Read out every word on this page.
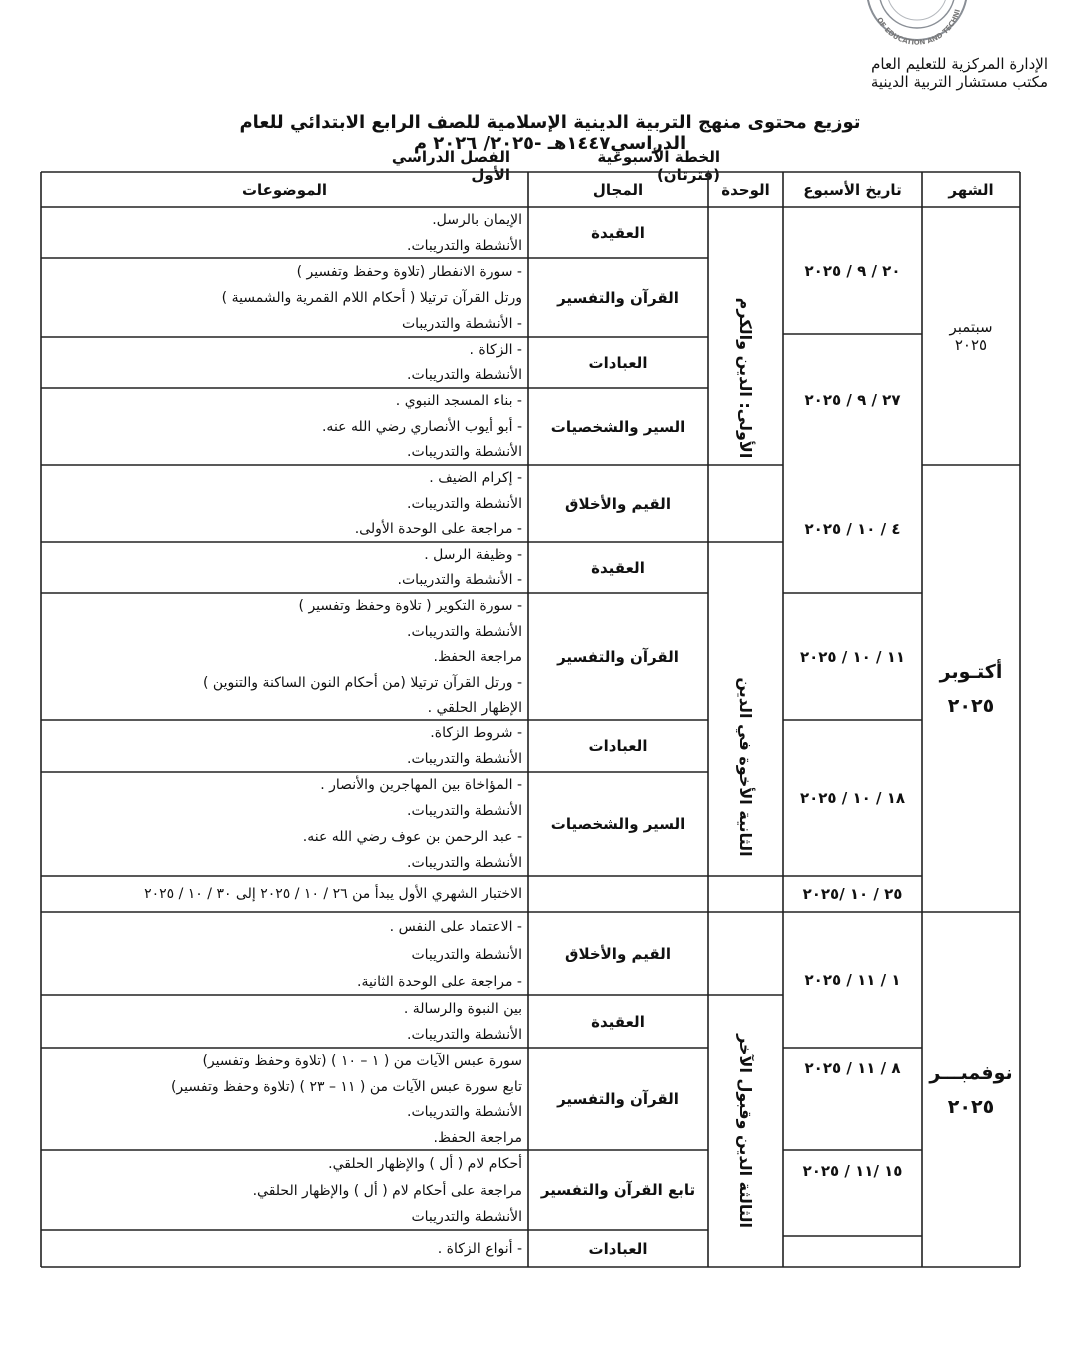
OF EDUCATION AND TECHNI
الإدارة المركزية للتعليم العام
مكتب مستشار التربية الدينية
توزيع محتوى منهج التربية الدينية الإسلامية للصف الرابع الابتدائي للعام الدراسي١٤٤٧هـ -٢٠٢٥/ ٢٠٢٦ م
الخطة الأسبوعية (فترتان)
الفصل الدراسي الأول
الشهر
تاريخ الأسبوع
الوحدة
المجال
الموضوعات
سبتمبر ٢٠٢٥
أكتـوبر ٢٠٢٥
نوفمبـــر ٢٠٢٥
٢٠ / ٩ / ٢٠٢٥
٢٧ / ٩ / ٢٠٢٥
٤ / ١٠ / ٢٠٢٥
١١ / ١٠ / ٢٠٢٥
١٨ / ١٠ / ٢٠٢٥
٢٥ / ١٠ /٢٠٢٥
١ / ١١ / ٢٠٢٥
٨ / ١١ / ٢٠٢٥
١٥ /١١ / ٢٠٢٥
الأولى: الدين والكرم
الثانية الأخوة في الدين
الثالثة الدين وقبول الآخر
العقيدة
القرآن والتفسير
العبادات
السير والشخصيات
القيم والأخلاق
العقيدة
القرآن والتفسير
العبادات
السير والشخصيات
القيم والأخلاق
العقيدة
القرآن والتفسير
تابع القرآن والتفسير
العبادات
الإيمان بالرسل.
الأنشطة والتدريبات.
- سورة الانفطار (تلاوة وحفظ وتفسير )
ورتل القرآن ترتيلا ( أحكام اللام القمرية والشمسية )
- الأنشطة والتدريبات
- الزكاة .
الأنشطة والتدريبات.
- بناء المسجد النبوي .
- أبو أيوب الأنصاري رضي الله عنه.
الأنشطة والتدريبات.
- إكرام الضيف .
الأنشطة والتدريبات.
- مراجعة على الوحدة الأولى.
- وظيفة الرسل .
- الأنشطة والتدريبات.
- سورة التكوير ( تلاوة وحفظ وتفسير )
الأنشطة والتدريبات.
مراجعة الحفظ.
- ورتل القرآن ترتيلا (من أحكام النون الساكنة والتنوين )
الإظهار الحلقي .
- شروط الزكاة.
الأنشطة والتدريبات.
- المؤاخاة بين المهاجرين والأنصار .
الأنشطة والتدريبات.
- عبد الرحمن بن عوف رضي الله عنه.
الأنشطة والتدريبات.
الاختبار الشهري الأول يبدأ من ٢٦ / ١٠ / ٢٠٢٥ إلى ٣٠ / ١٠ / ٢٠٢٥
- الاعتماد على النفس .
الأنشطة والتدريبات
- مراجعة على الوحدة الثانية.
بين النبوة والرسالة .
الأنشطة والتدريبات.
سورة عبس الآيات من ( ١ – ١٠ ) (تلاوة وحفظ وتفسير)
تابع سورة عبس الآيات من ( ١١ – ٢٣ ) (تلاوة وحفظ وتفسير)
الأنشطة والتدريبات.
مراجعة الحفظ.
أحكام لام ( أل ) والإظهار الحلقي.
مراجعة على أحكام لام ( أل ) والإظهار الحلقي.
الأنشطة والتدريبات
- أنواع الزكاة .
